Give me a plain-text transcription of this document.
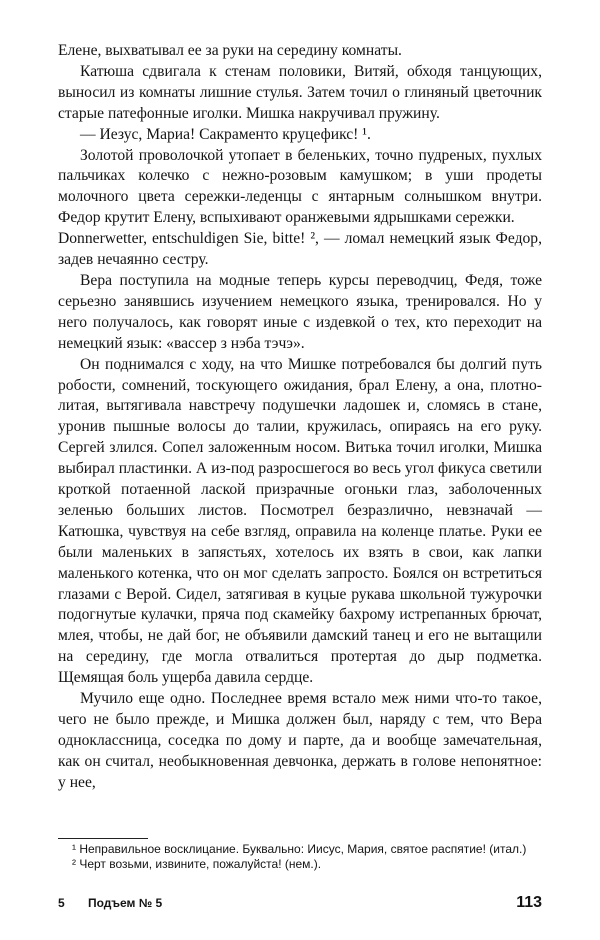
Елене, выхватывал ее за руки на середину комнаты.

Катюша сдвигала к стенам половики, Витяй, обходя танцующих, выносил из комнаты лишние стулья. Затем точил о глиняный цветочник старые патефонные иголки. Мишка накручивал пружину.

— Иезус, Мариа! Сакраменто круцефикс! ¹.

Золотой проволочкой утопает в беленьких, точно пудреных, пухлых пальчиках колечко с нежно-розовым камушком; в уши продеты молочного цвета сережки-леденцы с янтарным солнышком внутри. Федор крутит Елену, вспыхивают оранжевыми ядрышками сережки.

Donnerwetter, entschuldigen Sie, bitte! ², — ломал немецкий язык Федор, задев нечаянно сестру.

Вера поступила на модные теперь курсы переводчиц, Федя, тоже серьезно занявшись изучением немецкого языка, тренировался. Но у него получалось, как говорят иные с издевкой о тех, кто переходит на немецкий язык: «вассер з нэба тэчэ».

Он поднимался с ходу, на что Мишке потребовался бы долгий путь робости, сомнений, тоскующего ожидания, брал Елену, а она, плотно-литая, вытягивала навстречу подушечки ладошек и, сломясь в стане, уронив пышные волосы до талии, кружилась, опираясь на его руку. Сергей злился. Сопел заложенным носом. Витька точил иголки, Мишка выбирал пластинки. А из-под разросшегося во весь угол фикуса светили кроткой потаенной лаской призрачные огоньки глаз, заболоченных зеленью больших листов. Посмотрел безразлично, невзначай — Катюшка, чувствуя на себе взгляд, оправила на коленце платье. Руки ее были маленьких в запястьях, хотелось их взять в свои, как лапки маленького котенка, что он мог сделать запросто. Боялся он встретиться глазами с Верой. Сидел, затягивая в куцые рукава школьной тужурочки подогнутые кулачки, пряча под скамейку бахрому истрепанных брючат, млея, чтобы, не дай бог, не объявили дамский танец и его не вытащили на середину, где могла отвалиться протертая до дыр подметка. Щемящая боль ущерба давила сердце.

Мучило еще одно. Последнее время встало меж ними что-то такое, чего не было прежде, и Мишка должен был, наряду с тем, что Вера одноклассница, соседка по дому и парте, да и вообще замечательная, как он считал, необыкновенная девчонка, держать в голове непонятное: у нее,

¹ Неправильное восклицание. Буквально: Иисус, Мария, святое распятие! (итал.)

² Черт возьми, извините, пожалуйста! (нем.).

5 Подъем № 5	113
